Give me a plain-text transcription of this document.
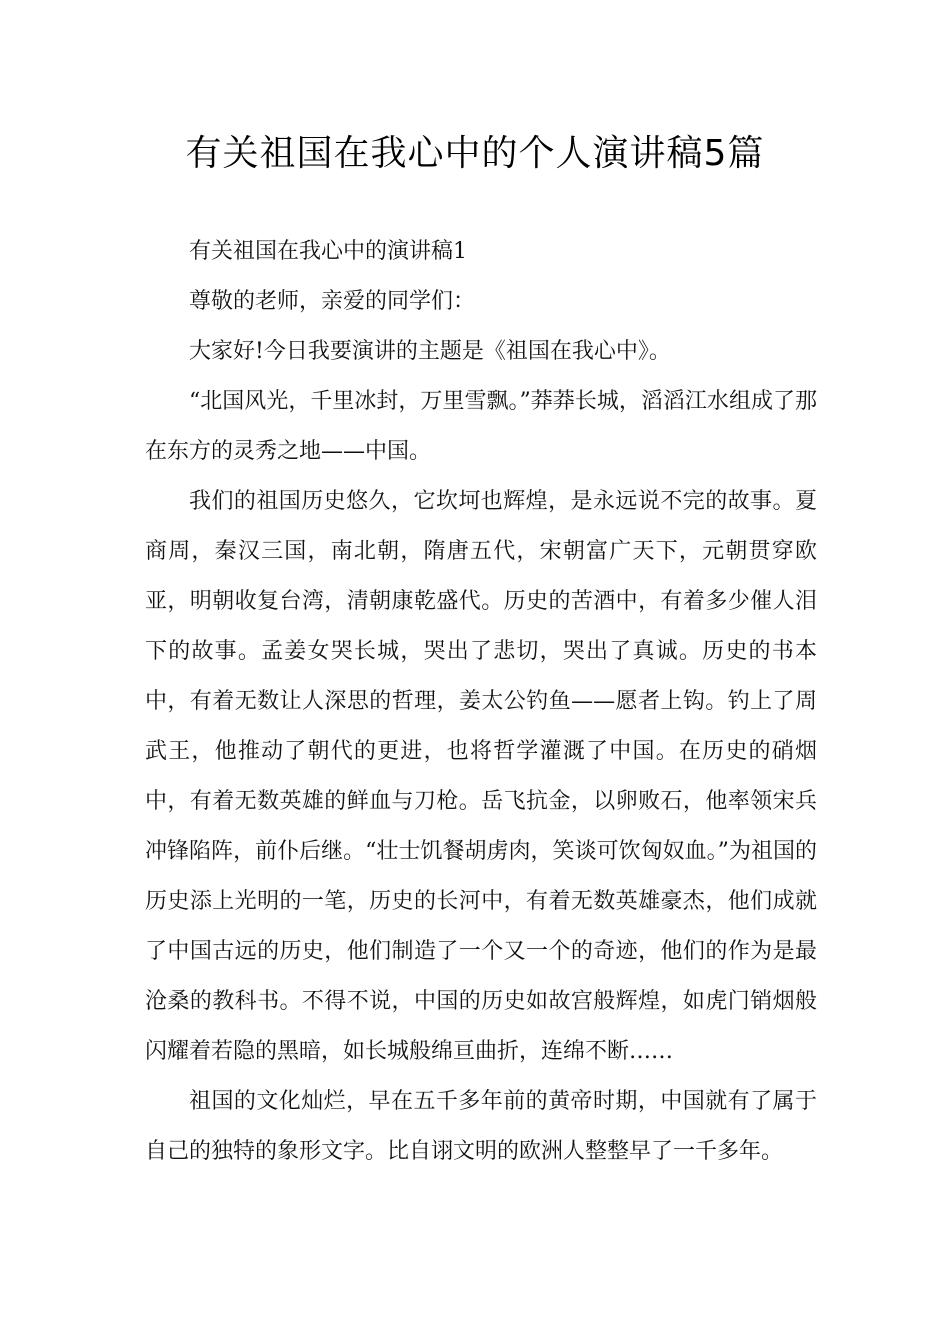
有关祖国在我心中的个人演讲稿5篇

有关祖国在我心中的演讲稿1

尊敬的老师，亲爱的同学们：

大家好!今日我要演讲的主题是《祖国在我心中》。

“北国风光，千里冰封，万里雪飘。”莽莽长城，滔滔江水组成了那在东方的灵秀之地——中国。

我们的祖国历史悠久，它坎坷也辉煌，是永远说不完的故事。夏商周，秦汉三国，南北朝，隋唐五代，宋朝富广天下，元朝贯穿欧亚，明朝收复台湾，清朝康乾盛代。历史的苦酒中，有着多少催人泪下的故事。孟姜女哭长城，哭出了悲切，哭出了真诚。历史的书本中，有着无数让人深思的哲理，姜太公钓鱼——愿者上钩。钓上了周武王，他推动了朝代的更进，也将哲学灌溉了中国。在历史的硝烟中，有着无数英雄的鲜血与刀枪。岳飞抗金，以卵败石，他率领宋兵冲锋陷阵，前仆后继。“壮士饥餐胡虏肉，笑谈可饮匈奴血。”为祖国的历史添上光明的一笔，历史的长河中，有着无数英雄豪杰，他们成就了中国古远的历史，他们制造了一个又一个的奇迹，他们的作为是最沧桑的教科书。不得不说，中国的历史如故宫般辉煌，如虎门销烟般闪耀着若隐的黑暗，如长城般绵亘曲折，连绵不断……

祖国的文化灿烂，早在五千多年前的黄帝时期，中国就有了属于自己的独特的象形文字。比自诩文明的欧洲人整整早了一千多年。
